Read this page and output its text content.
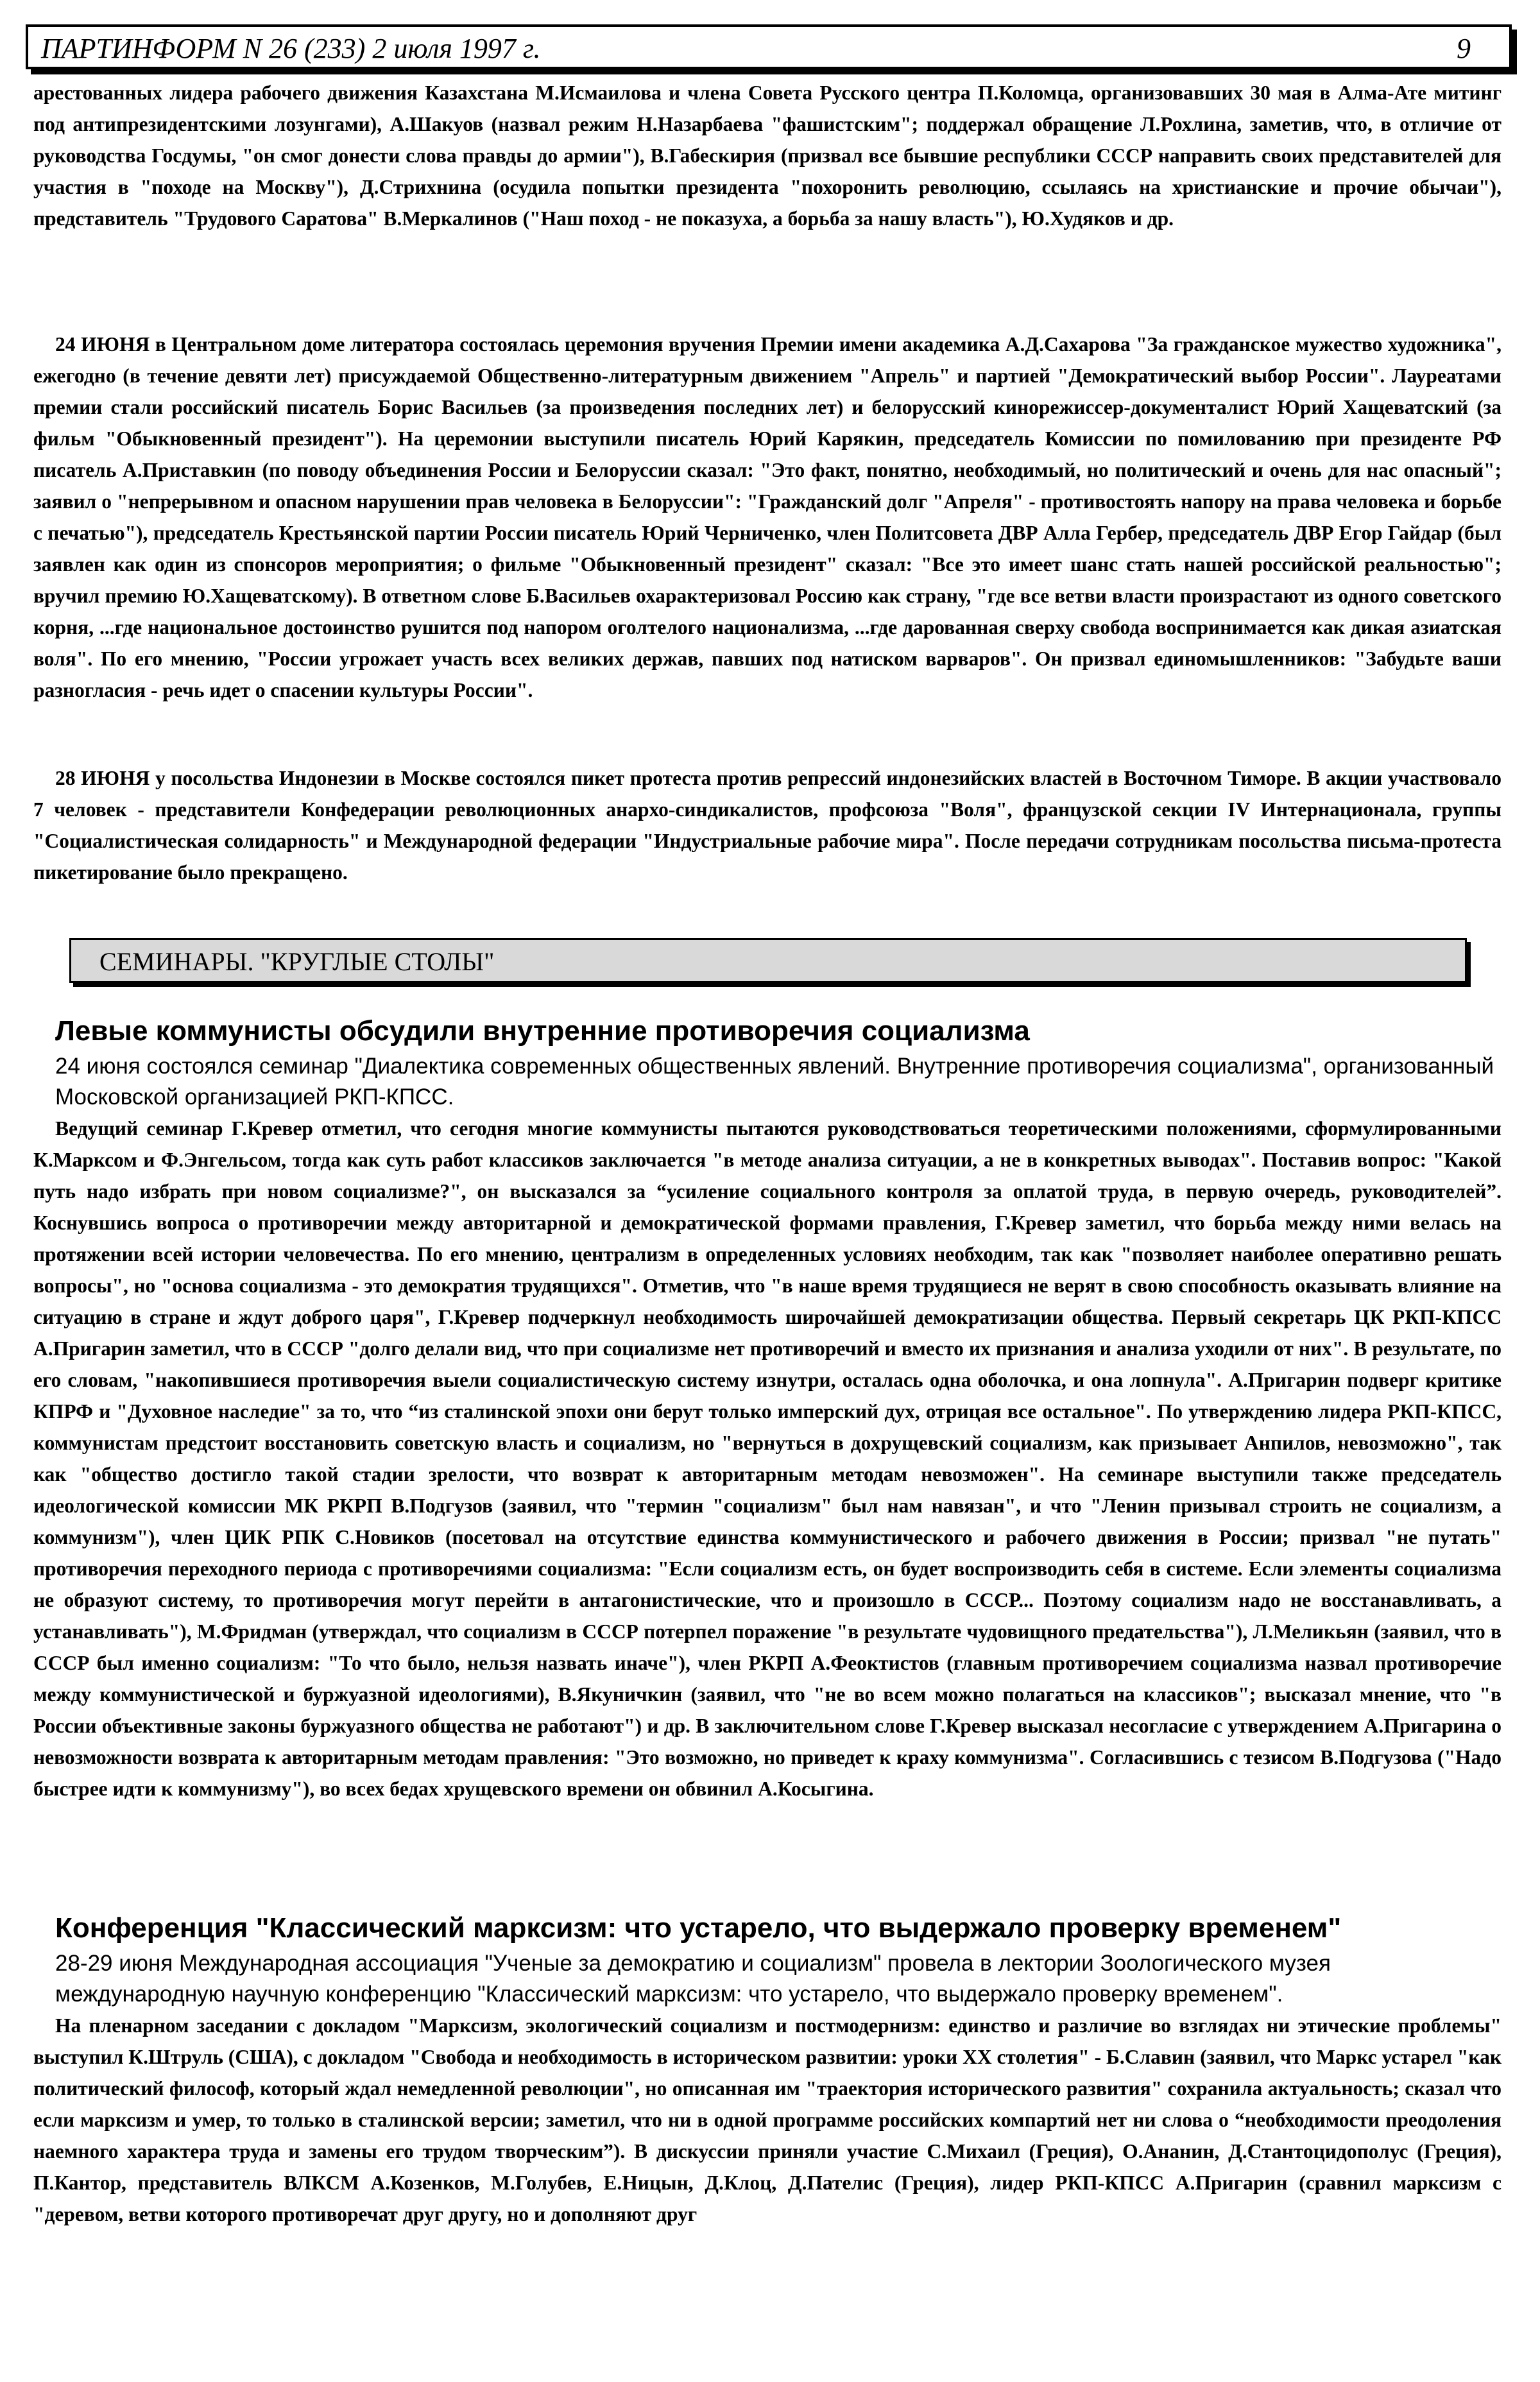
ПАРТИНФОРМ N 26 (233) 2 июля 1997 г.	9

арестованных лидера рабочего движения Казахстана М.Исмаилова и члена Совета Русского центра П.Коломца, организовавших 30 мая в Алма-Ате митинг под антипрезидентскими лозунгами), А.Шакуов (назвал режим Н.Назарбаева "фашистским"; поддержал обращение Л.Рохлина, заметив, что, в отличие от руководства Госдумы, "он смог донести слова правды до армии"), В.Габескирия (призвал все бывшие республики СССР направить своих представителей для участия в "походе на Москву"), Д.Стрихнина (осудила попытки президента "похоронить революцию, ссылаясь на христианские и прочие обычаи"), представитель "Трудового Саратова" В.Меркалинов ("Наш поход - не показуха, а борьба за нашу власть"), Ю.Худяков и др.

24 ИЮНЯ в Центральном доме литератора состоялась церемония вручения Премии имени академика А.Д.Сахарова "За гражданское мужество художника", ежегодно (в течение девяти лет) присуждаемой Общественно-литературным движением "Апрель" и партией "Демократический выбор России". Лауреатами премии стали российский писатель Борис Васильев (за произведения последних лет) и белорусский кинорежиссер-документалист Юрий Хащеватский (за фильм "Обыкновенный президент"). На церемонии выступили писатель Юрий Карякин, председатель Комиссии по помилованию при президенте РФ писатель А.Приставкин (по поводу объединения России и Белоруссии сказал: "Это факт, понятно, необходимый, но политический и очень для нас опасный"; заявил о "непрерывном и опасном нарушении прав человека в Белоруссии": "Гражданский долг "Апреля" - противостоять напору на права человека и борьбе с печатью"), председатель Крестьянской партии России писатель Юрий Черниченко, член Политсовета ДВР Алла Гербер, председатель ДВР Егор Гайдар (был заявлен как один из спонсоров мероприятия; о фильме "Обыкновенный президент" сказал: "Все это имеет шанс стать нашей российской реальностью"; вручил премию Ю.Хащеватскому). В ответном слове Б.Васильев охарактеризовал Россию как страну, "где все ветви власти произрастают из одного советского корня, ...где национальное достоинство рушится под напором оголтелого национализма, ...где дарованная сверху свобода воспринимается как дикая азиатская воля". По его мнению, "России угрожает участь всех великих держав, павших под натиском варваров". Он призвал единомышленников: "Забудьте ваши разногласия - речь идет о спасении культуры России".

28 ИЮНЯ у посольства Индонезии в Москве состоялся пикет протеста против репрессий индонезийских властей в Восточном Тиморе. В акции участвовало 7 человек - представители Конфедерации революционных анархо-синдикалистов, профсоюза "Воля", французской секции IV Интернационала, группы "Социалистическая солидарность" и Международной федерации "Индустриальные рабочие мира". После передачи сотрудникам посольства письма-протеста пикетирование было прекращено.

СЕМИНАРЫ. "КРУГЛЫЕ СТОЛЫ"
Левые коммунисты обсудили внутренние противоречия социализма

24 июня состоялся семинар "Диалектика современных общественных явлений. Внутренние противоречия социализма", организованный Московской организацией РКП-КПСС.

Ведущий семинар Г.Кревер отметил, что сегодня многие коммунисты пытаются руководствоваться теоретическими положениями, сформулированными К.Марксом и Ф.Энгельсом, тогда как суть работ классиков заключается "в методе анализа ситуации, а не в конкретных выводах". Поставив вопрос: "Какой путь надо избрать при новом социализме?", он высказался за “усиление социального контроля за оплатой труда, в первую очередь, руководителей”. Коснувшись вопроса о противоречии между авторитарной и демократической формами правления, Г.Кревер заметил, что борьба между ними велась на протяжении всей истории человечества. По его мнению, централизм в определенных условиях необходим, так как "позволяет наиболее оперативно решать вопросы", но "основа социализма - это демократия трудящихся". Отметив, что "в наше время трудящиеся не верят в свою способность оказывать влияние на ситуацию в стране и ждут доброго царя", Г.Кревер подчеркнул необходимость широчайшей демократизации общества. Первый секретарь ЦК РКП-КПСС А.Пригарин заметил, что в СССР "долго делали вид, что при социализме нет противоречий и вместо их признания и анализа уходили от них". В результате, по его словам, "накопившиеся противоречия выели социалистическую систему изнутри, осталась одна оболочка, и она лопнула". А.Пригарин подверг критике КПРФ и "Духовное наследие" за то, что “из сталинской эпохи они берут только имперский дух, отрицая все остальное". По утверждению лидера РКП-КПСС, коммунистам предстоит восстановить советскую власть и социализм, но "вернуться в дохрущевский социализм, как призывает Анпилов, невозможно", так как "общество достигло такой стадии зрелости, что возврат к авторитарным методам невозможен". На семинаре выступили также председатель идеологической комиссии МК РКРП В.Подгузов (заявил, что "термин "социализм" был нам навязан", и что "Ленин призывал строить не социализм, а коммунизм"), член ЦИК РПК С.Новиков (посетовал на отсутствие единства коммунистического и рабочего движения в России; призвал "не путать" противоречия переходного периода с противоречиями социализма: "Если социализм есть, он будет воспроизводить себя в системе. Если элементы социализма не образуют систему, то противоречия могут перейти в антагонистические, что и произошло в СССР... Поэтому социализм надо не восстанавливать, а устанавливать"), М.Фридман (утверждал, что социализм в СССР потерпел поражение "в результате чудовищного предательства"), Л.Меликьян (заявил, что в СССР был именно социализм: "То что было, нельзя назвать иначе"), член РКРП А.Феоктистов (главным противоречием социализма назвал противоречие между коммунистической и буржуазной идеологиями), В.Якуничкин (заявил, что "не во всем можно полагаться на классиков"; высказал мнение, что "в России объективные законы буржуазного общества не работают") и др. В заключительном слове Г.Кревер высказал несогласие с утверждением А.Пригарина о невозможности возврата к авторитарным методам правления: "Это возможно, но приведет к краху коммунизма". Согласившись с тезисом В.Подгузова ("Надо быстрее идти к коммунизму"), во всех бедах хрущевского времени он обвинил А.Косыгина.

Конференция "Классический марксизм: что устарело, что выдержало проверку временем"

28-29 июня Международная ассоциация "Ученые за демократию и социализм" провела в лектории Зоологического музея международную научную конференцию "Классический марксизм: что устарело, что выдержало проверку временем".

На пленарном заседании с докладом "Марксизм, экологический социализм и постмодернизм: единство и различие во взглядах ни этические проблемы" выступил К.Штруль (США), с докладом "Свобода и необходимость в историческом развитии: уроки ХХ столетия" - Б.Славин (заявил, что Маркс устарел "как политический философ, который ждал немедленной революции", но описанная им "траектория исторического развития" сохранила актуальность; сказал что если марксизм и умер, то только в сталинской версии; заметил, что ни в одной программе российских компартий нет ни слова о “необходимости преодоления наемного характера труда и замены его трудом творческим”). В дискуссии приняли участие С.Михаил (Греция), О.Ананин, Д.Стантоцидополус (Греция), П.Кантор, представитель ВЛКСМ А.Козенков, М.Голубев, Е.Ницын, Д.Клоц, Д.Пателис (Греция), лидер РКП-КПСС А.Пригарин (сравнил марксизм с "деревом, ветви которого противоречат друг другу, но и дополняют друг
